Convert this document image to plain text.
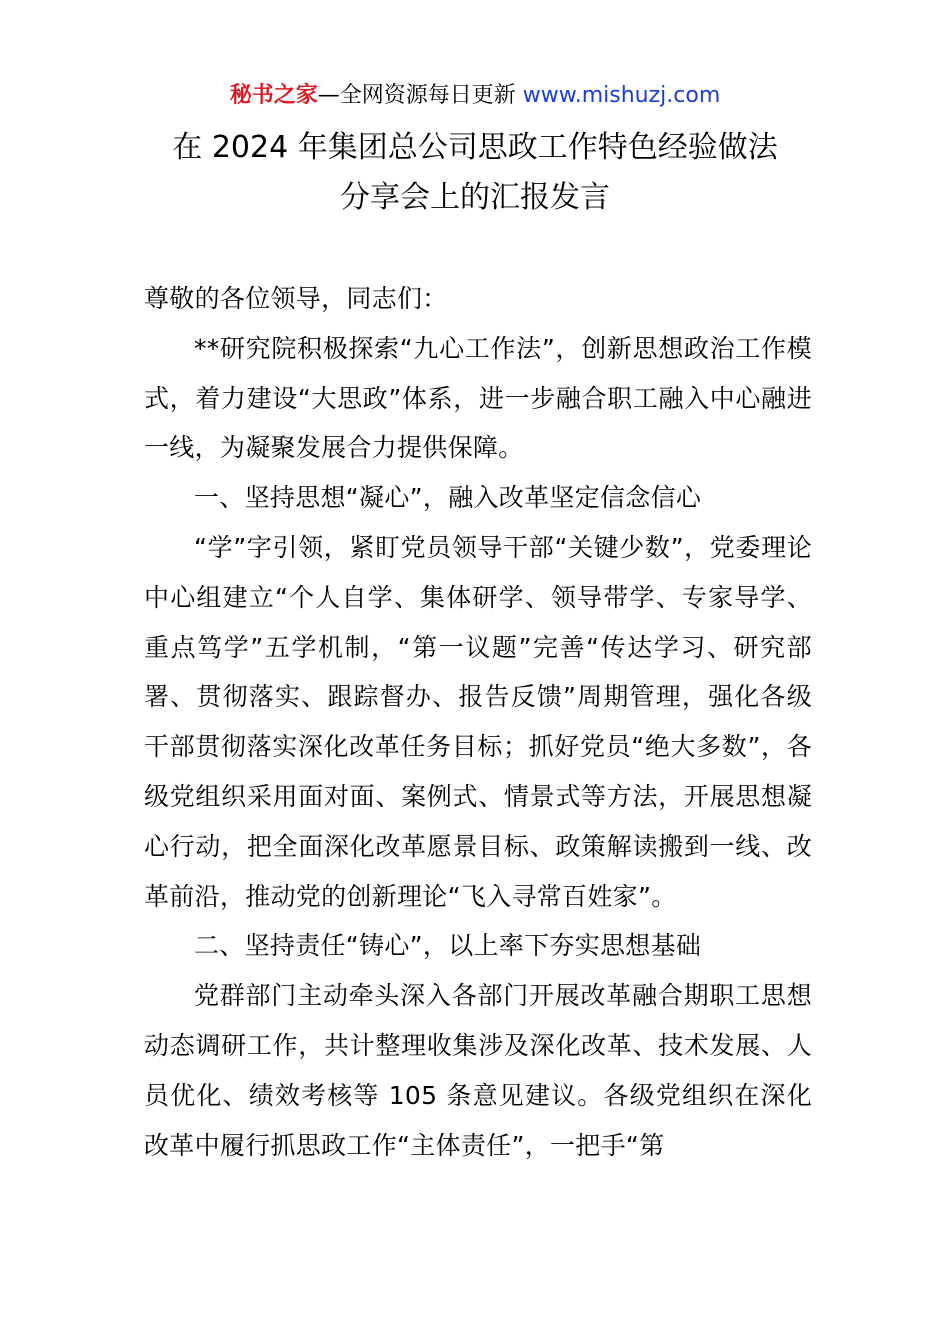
秘书之家—全网资源每日更新 www.mishuzj.com
在 2024 年集团总公司思政工作特色经验做法
分享会上的汇报发言

尊敬的各位领导，同志们：

**研究院积极探索“九心工作法”，创新思想政治工作模式，着力建设“大思政”体系，进一步融合职工融入中心融进一线，为凝聚发展合力提供保障。

一、坚持思想“凝心”，融入改革坚定信念信心

“学”字引领，紧盯党员领导干部“关键少数”，党委理论中心组建立“个人自学、集体研学、领导带学、专家导学、重点笃学”五学机制，“第一议题”完善“传达学习、研究部署、贯彻落实、跟踪督办、报告反馈”周期管理，强化各级干部贯彻落实深化改革任务目标；抓好党员“绝大多数”，各级党组织采用面对面、案例式、情景式等方法，开展思想凝心行动，把全面深化改革愿景目标、政策解读搬到一线、改革前沿，推动党的创新理论“飞入寻常百姓家”。

二、坚持责任“铸心”，以上率下夯实思想基础

党群部门主动牵头深入各部门开展改革融合期职工思想动态调研工作，共计整理收集涉及深化改革、技术发展、人员优化、绩效考核等 105 条意见建议。各级党组织在深化改革中履行抓思政工作“主体责任”，一把手“第
